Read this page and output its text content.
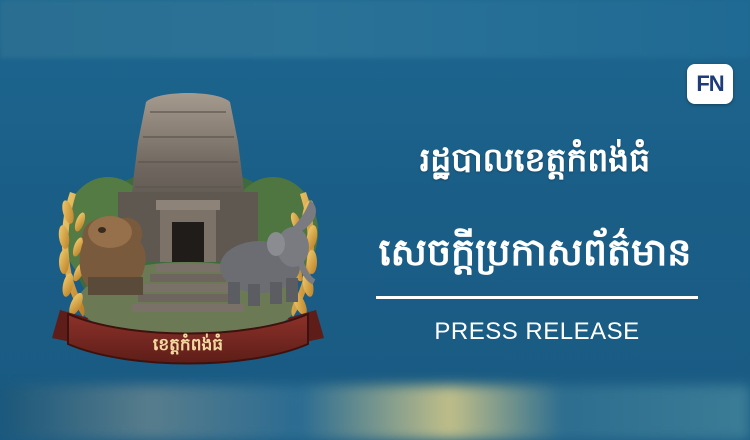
FN
ខេត្តកំពង់ធំ
រដ្ឋបាលខេត្តកំពង់ធំ
សេចក្តីប្រកាសព័ត៌មាន
PRESS RELEASE
